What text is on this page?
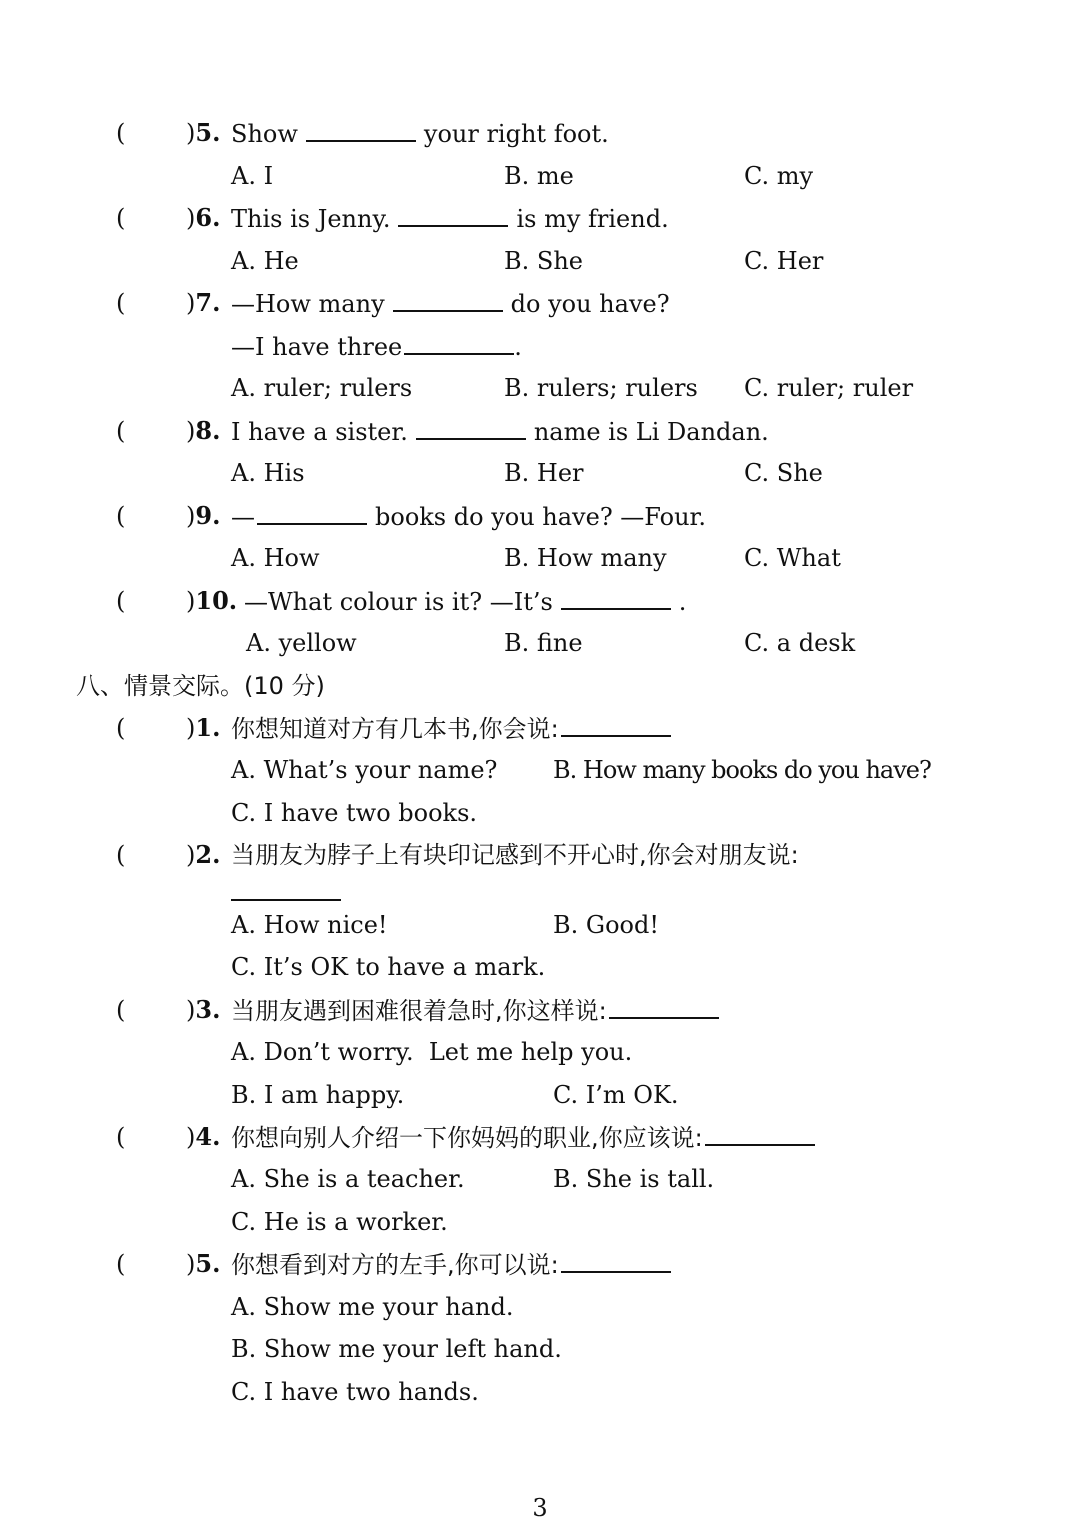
(	)5. Show	your right foot.
A. I	B. me	C. my
(	)6. This is Jenny.	is my friend.
A. He	B. She	C. Her
(	)7. —How many	do you have?
—I have three	.
A. ruler; rulers	B. rulers; rulers C. ruler; ruler
(	)8. I have a sister.	name is Li Dandan.
A. His	B. Her	C. She
(	)9. —	books do you have? —Four.
A. How	B. How many	C. What
(	)10. —What colour is it? —It’s	.
A. yellow	B. fine	C. a desk
八、情景交际。(10 分)
(	)1. 你想知道对方有几本书,你会说:
A. What’s your name? B. How many books do you have?
C. I have two books.
(	)2. 当朋友为脖子上有块印记感到不开心时,你会对朋友说:
A. How nice!	B. Good!
C. It’s OK to have a mark.
(	)3. 当朋友遇到困难很着急时,你这样说:
A. Don’t worry.  Let me help you.
B. I am happy.	C. I’m OK.
(	)4. 你想向别人介绍一下你妈妈的职业,你应该说:
A. She is a teacher.	B. She is tall.
C. He is a worker.
(	)5. 你想看到对方的左手,你可以说:
A. Show me your hand.
B. Show me your left hand.
C. I have two hands.
3
